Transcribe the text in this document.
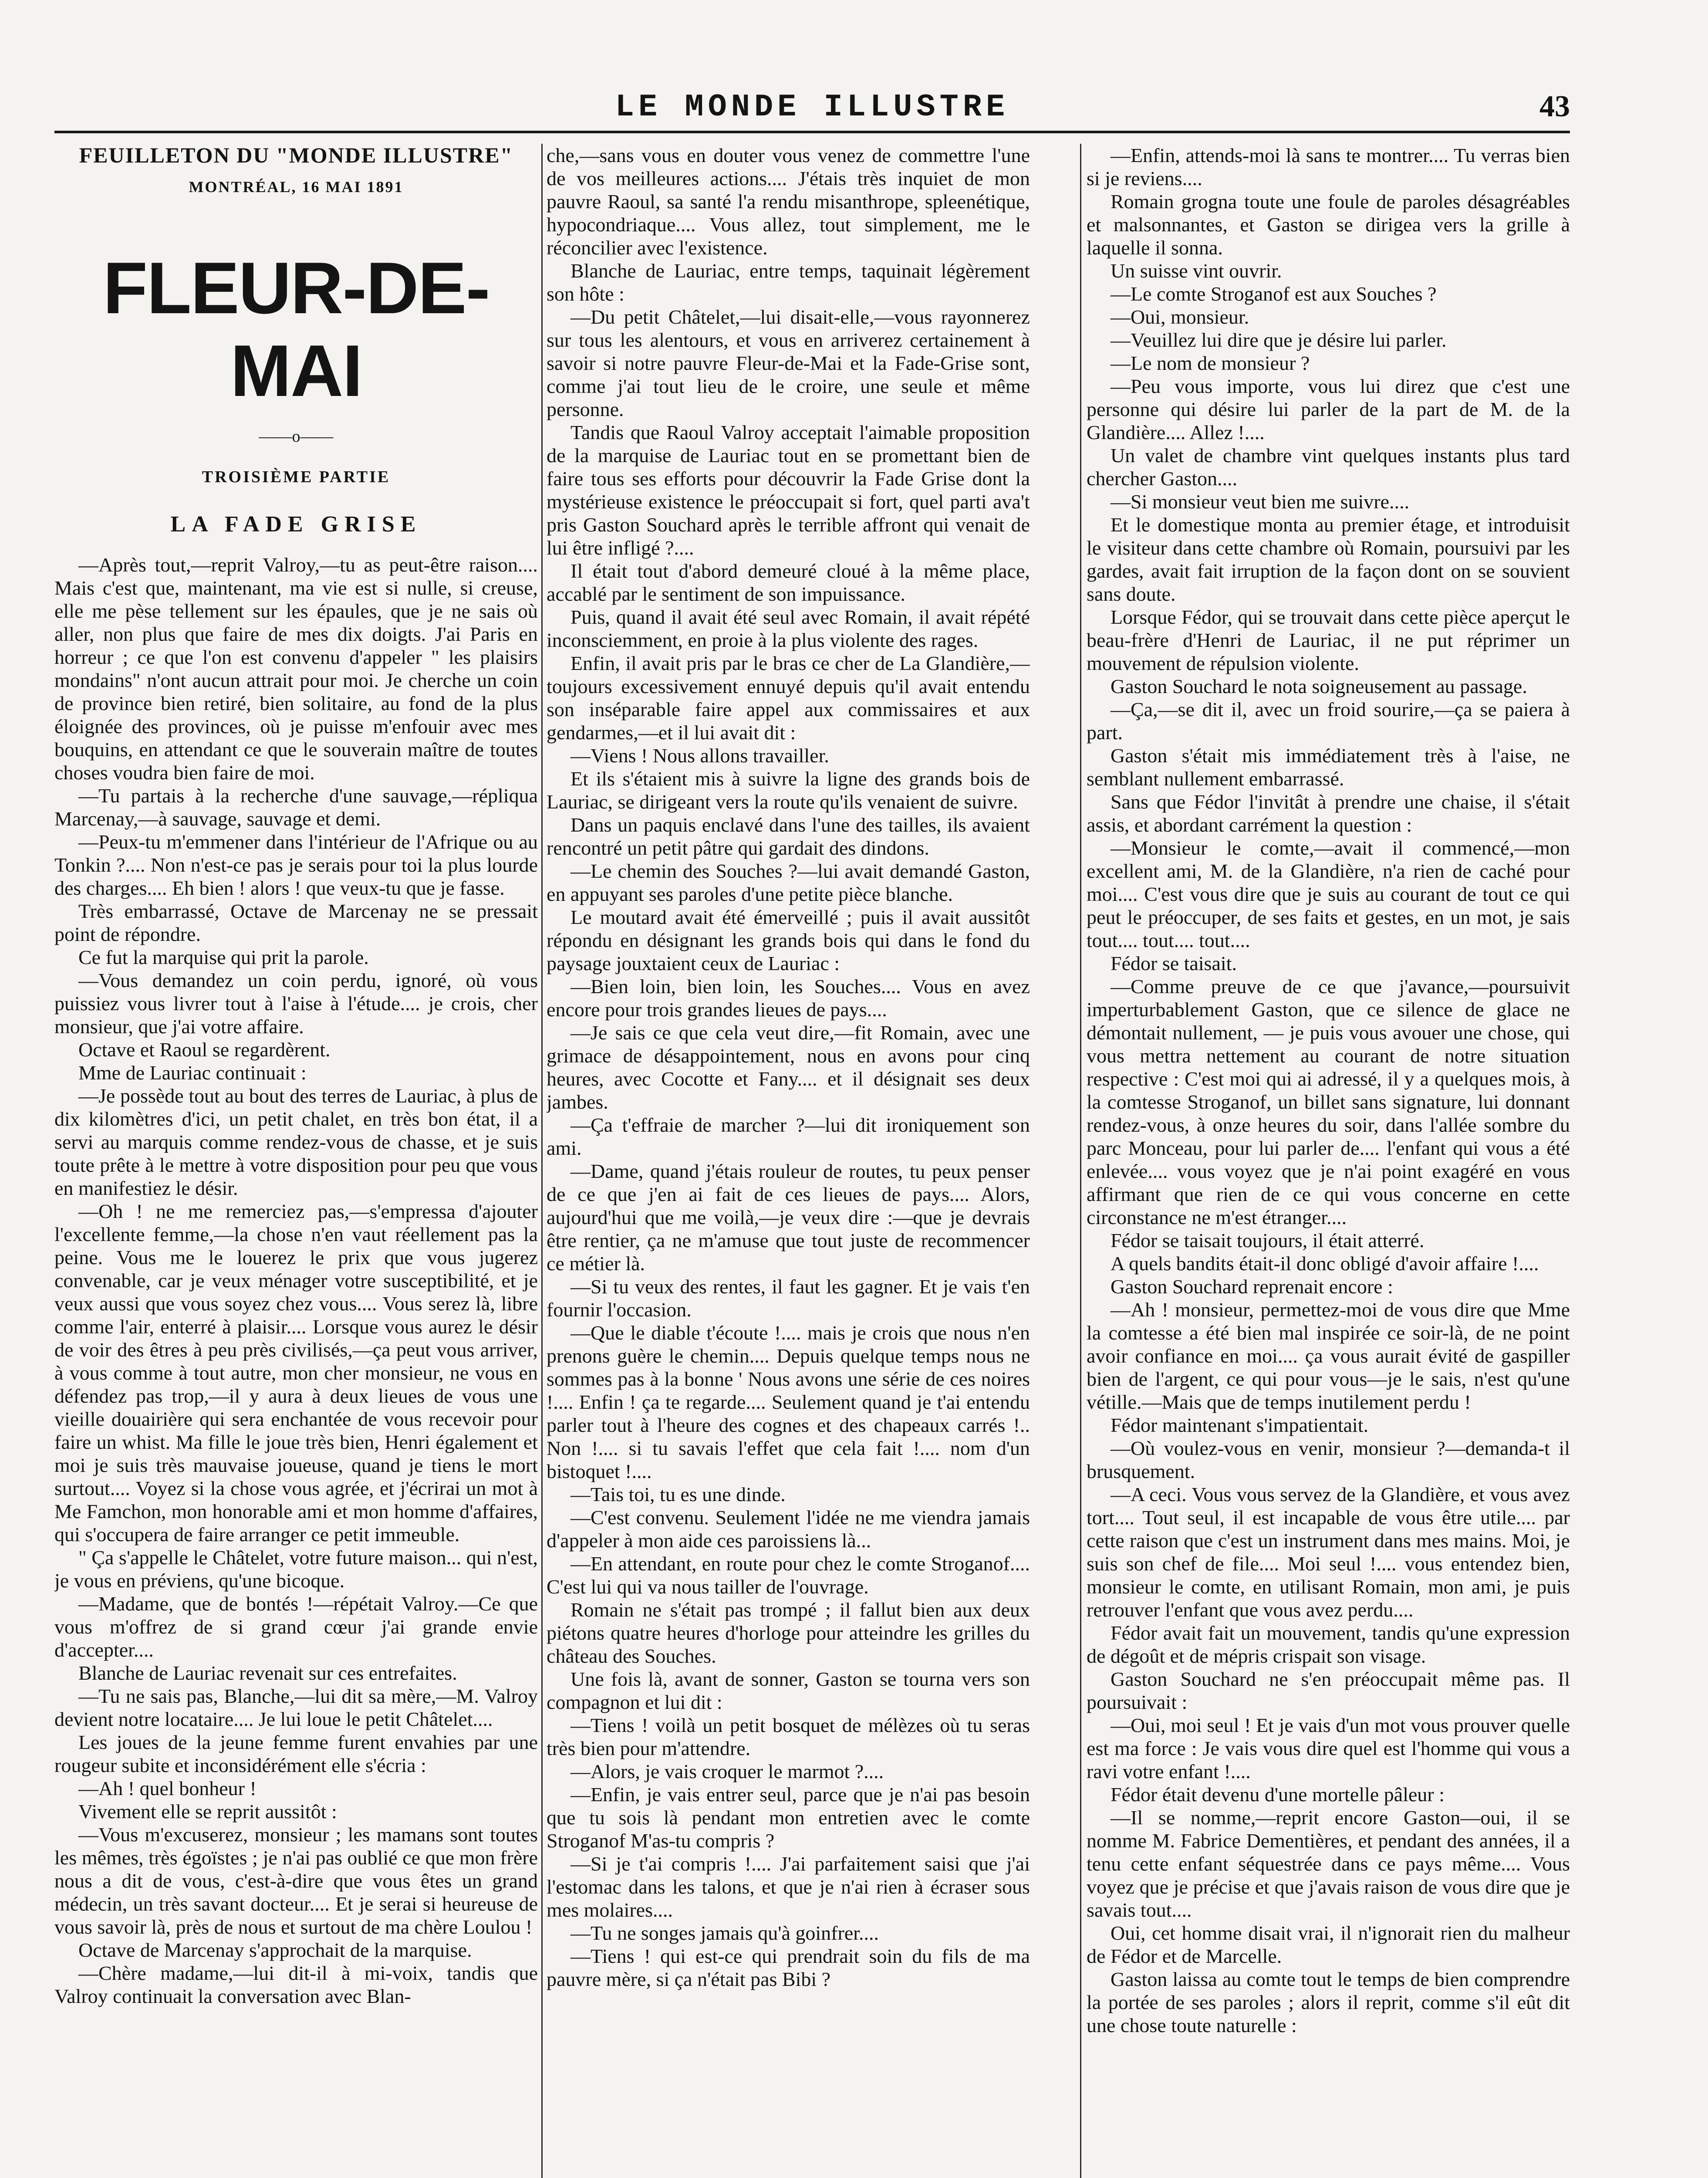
LE MONDE ILLUSTRE	43
FEUILLETON DU "MONDE ILLUSTRE"
MONTRÉAL, 16 MAI 1891
FLEUR-DE-MAI
——o——
TROISIÈME PARTIE
LA FADE GRISE

—Après tout,—reprit Valroy,—tu as peut-être raison.... Mais c'est que, maintenant, ma vie est si nulle, si creuse, elle me pèse tellement sur les épaules, que je ne sais où aller, non plus que faire de mes dix doigts. J'ai Paris en horreur ; ce que l'on est convenu d'appeler " les plaisirs mondains" n'ont aucun attrait pour moi. Je cherche un coin de province bien retiré, bien solitaire, au fond de la plus éloignée des provinces, où je puisse m'enfouir avec mes bouquins, en attendant ce que le souverain maître de toutes choses voudra bien faire de moi.

—Tu partais à la recherche d'une sauvage,—répliqua Marcenay,—à sauvage, sauvage et demi.

—Peux-tu m'emmener dans l'intérieur de l'Afrique ou au Tonkin ?.... Non n'est-ce pas je serais pour toi la plus lourde des charges.... Eh bien ! alors ! que veux-tu que je fasse.

Très embarrassé, Octave de Marcenay ne se pressait point de répondre.

Ce fut la marquise qui prit la parole.

—Vous demandez un coin perdu, ignoré, où vous puissiez vous livrer tout à l'aise à l'étude.... je crois, cher monsieur, que j'ai votre affaire.

Octave et Raoul se regardèrent.

Mme de Lauriac continuait :

—Je possède tout au bout des terres de Lauriac, à plus de dix kilomètres d'ici, un petit chalet, en très bon état, il a servi au marquis comme rendez-vous de chasse, et je suis toute prête à le mettre à votre disposition pour peu que vous en manifestiez le désir.

—Oh ! ne me remerciez pas,—s'empressa d'ajouter l'excellente femme,—la chose n'en vaut réellement pas la peine. Vous me le louerez le prix que vous jugerez convenable, car je veux ménager votre susceptibilité, et je veux aussi que vous soyez chez vous.... Vous serez là, libre comme l'air, enterré à plaisir.... Lorsque vous aurez le désir de voir des êtres à peu près civilisés,—ça peut vous arriver, à vous comme à tout autre, mon cher monsieur, ne vous en défendez pas trop,—il y aura à deux lieues de vous une vieille douairière qui sera enchantée de vous recevoir pour faire un whist. Ma fille le joue très bien, Henri également et moi je suis très mauvaise joueuse, quand je tiens le mort surtout.... Voyez si la chose vous agrée, et j'écrirai un mot à Me Famchon, mon honorable ami et mon homme d'affaires, qui s'occupera de faire arranger ce petit immeuble.

" Ça s'appelle le Châtelet, votre future maison... qui n'est, je vous en préviens, qu'une bicoque.

—Madame, que de bontés !—répétait Valroy.—Ce que vous m'offrez de si grand cœur j'ai grande envie d'accepter....

Blanche de Lauriac revenait sur ces entrefaites.

—Tu ne sais pas, Blanche,—lui dit sa mère,—M. Valroy devient notre locataire.... Je lui loue le petit Châtelet....

Les joues de la jeune femme furent envahies par une rougeur subite et inconsidérément elle s'écria :

—Ah ! quel bonheur !

Vivement elle se reprit aussitôt :

—Vous m'excuserez, monsieur ; les mamans sont toutes les mêmes, très égoïstes ; je n'ai pas oublié ce que mon frère nous a dit de vous, c'est-à-dire que vous êtes un grand médecin, un très savant docteur.... Et je serai si heureuse de vous savoir là, près de nous et surtout de ma chère Loulou !

Octave de Marcenay s'approchait de la marquise.

—Chère madame,—lui dit-il à mi-voix, tandis que Valroy continuait la conversation avec Blan-

che,—sans vous en douter vous venez de commettre l'une de vos meilleures actions.... J'étais très inquiet de mon pauvre Raoul, sa santé l'a rendu misanthrope, spleenétique, hypocondriaque.... Vous allez, tout simplement, me le réconcilier avec l'existence.

Blanche de Lauriac, entre temps, taquinait légèrement son hôte :

—Du petit Châtelet,—lui disait-elle,—vous rayonnerez sur tous les alentours, et vous en arriverez certainement à savoir si notre pauvre Fleur-de-Mai et la Fade-Grise sont, comme j'ai tout lieu de le croire, une seule et même personne.

Tandis que Raoul Valroy acceptait l'aimable proposition de la marquise de Lauriac tout en se promettant bien de faire tous ses efforts pour découvrir la Fade Grise dont la mystérieuse existence le préoccupait si fort, quel parti ava't pris Gaston Souchard après le terrible affront qui venait de lui être infligé ?....

Il était tout d'abord demeuré cloué à la même place, accablé par le sentiment de son impuissance.

Puis, quand il avait été seul avec Romain, il avait répété inconsciemment, en proie à la plus violente des rages.

Enfin, il avait pris par le bras ce cher de La Glandière,—toujours excessivement ennuyé depuis qu'il avait entendu son inséparable faire appel aux commissaires et aux gendarmes,—et il lui avait dit :

—Viens ! Nous allons travailler.

Et ils s'étaient mis à suivre la ligne des grands bois de Lauriac, se dirigeant vers la route qu'ils venaient de suivre.

Dans un paquis enclavé dans l'une des tailles, ils avaient rencontré un petit pâtre qui gardait des dindons.

—Le chemin des Souches ?—lui avait demandé Gaston, en appuyant ses paroles d'une petite pièce blanche.

Le moutard avait été émerveillé ; puis il avait aussitôt répondu en désignant les grands bois qui dans le fond du paysage jouxtaient ceux de Lauriac :

—Bien loin, bien loin, les Souches.... Vous en avez encore pour trois grandes lieues de pays....

—Je sais ce que cela veut dire,—fit Romain, avec une grimace de désappointement, nous en avons pour cinq heures, avec Cocotte et Fany.... et il désignait ses deux jambes.

—Ça t'effraie de marcher ?—lui dit ironiquement son ami.

—Dame, quand j'étais rouleur de routes, tu peux penser de ce que j'en ai fait de ces lieues de pays.... Alors, aujourd'hui que me voilà,—je veux dire :—que je devrais être rentier, ça ne m'amuse que tout juste de recommencer ce métier là.

—Si tu veux des rentes, il faut les gagner. Et je vais t'en fournir l'occasion.

—Que le diable t'écoute !.... mais je crois que nous n'en prenons guère le chemin.... Depuis quelque temps nous ne sommes pas à la bonne ' Nous avons une série de ces noires !.... Enfin ! ça te regarde.... Seulement quand je t'ai entendu parler tout à l'heure des cognes et des chapeaux carrés !.. Non !.... si tu savais l'effet que cela fait !.... nom d'un bistoquet !....

—Tais toi, tu es une dinde.

—C'est convenu. Seulement l'idée ne me viendra jamais d'appeler à mon aide ces paroissiens là...

—En attendant, en route pour chez le comte Stroganof.... C'est lui qui va nous tailler de l'ouvrage.

Romain ne s'était pas trompé ; il fallut bien aux deux piétons quatre heures d'horloge pour atteindre les grilles du château des Souches.

Une fois là, avant de sonner, Gaston se tourna vers son compagnon et lui dit :

—Tiens ! voilà un petit bosquet de mélèzes où tu seras très bien pour m'attendre.

—Alors, je vais croquer le marmot ?....

—Enfin, je vais entrer seul, parce que je n'ai pas besoin que tu sois là pendant mon entretien avec le comte Stroganof M'as-tu compris ?

—Si je t'ai compris !.... J'ai parfaitement saisi que j'ai l'estomac dans les talons, et que je n'ai rien à écraser sous mes molaires....

—Tu ne songes jamais qu'à goinfrer....

—Tiens ! qui est-ce qui prendrait soin du fils de ma pauvre mère, si ça n'était pas Bibi ?

—Enfin, attends-moi là sans te montrer.... Tu verras bien si je reviens....

Romain grogna toute une foule de paroles désagréables et malsonnantes, et Gaston se dirigea vers la grille à laquelle il sonna.

Un suisse vint ouvrir.

—Le comte Stroganof est aux Souches ?

—Oui, monsieur.

—Veuillez lui dire que je désire lui parler.

—Le nom de monsieur ?

—Peu vous importe, vous lui direz que c'est une personne qui désire lui parler de la part de M. de la Glandière.... Allez !....

Un valet de chambre vint quelques instants plus tard chercher Gaston....

—Si monsieur veut bien me suivre....

Et le domestique monta au premier étage, et introduisit le visiteur dans cette chambre où Romain, poursuivi par les gardes, avait fait irruption de la façon dont on se souvient sans doute.

Lorsque Fédor, qui se trouvait dans cette pièce aperçut le beau-frère d'Henri de Lauriac, il ne put réprimer un mouvement de répulsion violente.

Gaston Souchard le nota soigneusement au passage.

—Ça,—se dit il, avec un froid sourire,—ça se paiera à part.

Gaston s'était mis immédiatement très à l'aise, ne semblant nullement embarrassé.

Sans que Fédor l'invitât à prendre une chaise, il s'était assis, et abordant carrément la question :

—Monsieur le comte,—avait il commencé,—mon excellent ami, M. de la Glandière, n'a rien de caché pour moi.... C'est vous dire que je suis au courant de tout ce qui peut le préoccuper, de ses faits et gestes, en un mot, je sais tout.... tout.... tout....

Fédor se taisait.

—Comme preuve de ce que j'avance,—poursuivit imperturbablement Gaston, que ce silence de glace ne démontait nullement, — je puis vous avouer une chose, qui vous mettra nettement au courant de notre situation respective : C'est moi qui ai adressé, il y a quelques mois, à la comtesse Stroganof, un billet sans signature, lui donnant rendez-vous, à onze heures du soir, dans l'allée sombre du parc Monceau, pour lui parler de.... l'enfant qui vous a été enlevée.... vous voyez que je n'ai point exagéré en vous affirmant que rien de ce qui vous concerne en cette circonstance ne m'est étranger....

Fédor se taisait toujours, il était atterré.

A quels bandits était-il donc obligé d'avoir affaire !....

Gaston Souchard reprenait encore :

—Ah ! monsieur, permettez-moi de vous dire que Mme la comtesse a été bien mal inspirée ce soir-là, de ne point avoir confiance en moi.... ça vous aurait évité de gaspiller bien de l'argent, ce qui pour vous—je le sais, n'est qu'une vétille.—Mais que de temps inutilement perdu !

Fédor maintenant s'impatientait.

—Où voulez-vous en venir, monsieur ?—demanda-t il brusquement.

—A ceci. Vous vous servez de la Glandière, et vous avez tort.... Tout seul, il est incapable de vous être utile.... par cette raison que c'est un instrument dans mes mains. Moi, je suis son chef de file.... Moi seul !.... vous entendez bien, monsieur le comte, en utilisant Romain, mon ami, je puis retrouver l'enfant que vous avez perdu....

Fédor avait fait un mouvement, tandis qu'une expression de dégoût et de mépris crispait son visage.

Gaston Souchard ne s'en préoccupait même pas. Il poursuivait :

—Oui, moi seul ! Et je vais d'un mot vous prouver quelle est ma force : Je vais vous dire quel est l'homme qui vous a ravi votre enfant !....

Fédor était devenu d'une mortelle pâleur :

—Il se nomme,—reprit encore Gaston—oui, il se nomme M. Fabrice Dementières, et pendant des années, il a tenu cette enfant séquestrée dans ce pays même.... Vous voyez que je précise et que j'avais raison de vous dire que je savais tout....

Oui, cet homme disait vrai, il n'ignorait rien du malheur de Fédor et de Marcelle.

Gaston laissa au comte tout le temps de bien comprendre la portée de ses paroles ; alors il reprit, comme s'il eût dit une chose toute naturelle :
